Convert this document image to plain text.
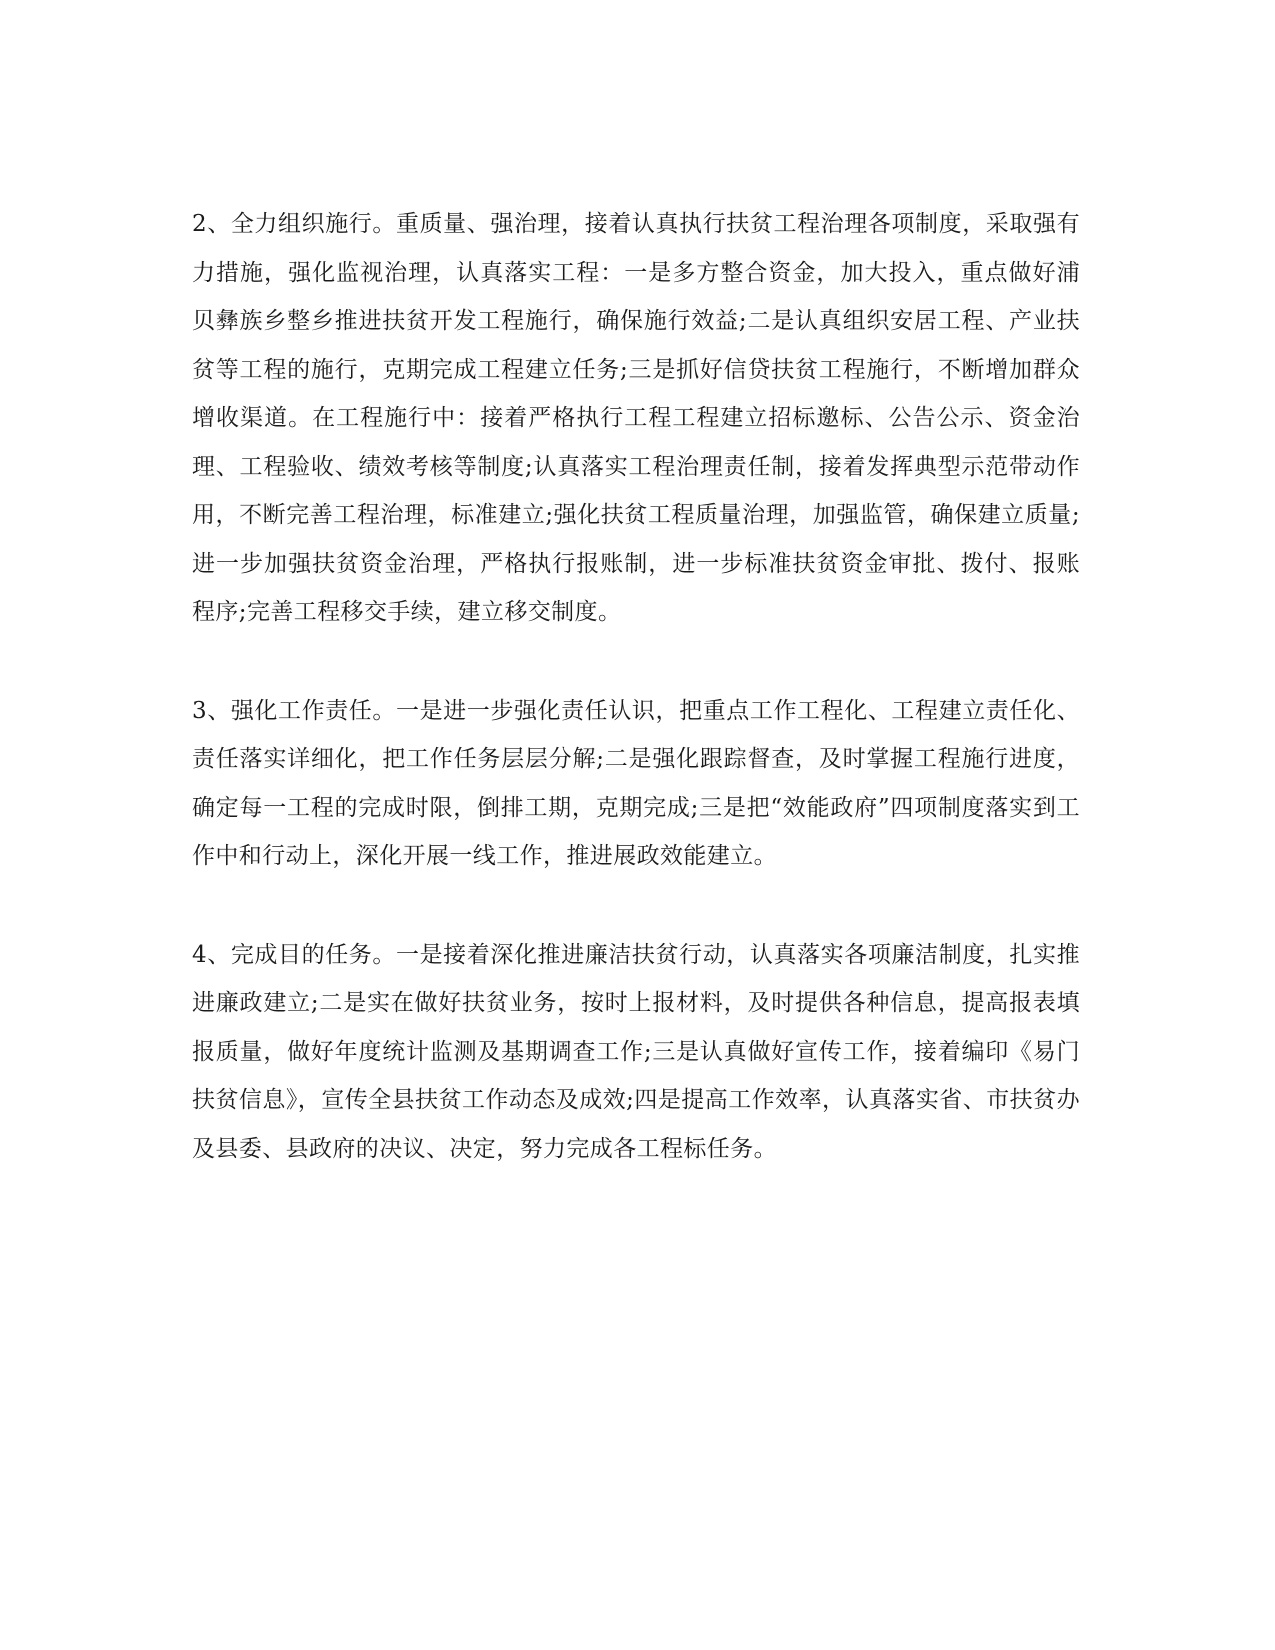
2、全力组织施行。重质量、强治理，接着认真执行扶贫工程治理各项制度，采取强有力措施，强化监视治理，认真落实工程：一是多方整合资金，加大投入，重点做好浦贝彝族乡整乡推进扶贫开发工程施行，确保施行效益;二是认真组织安居工程、产业扶贫等工程的施行，克期完成工程建立任务;三是抓好信贷扶贫工程施行，不断增加群众增收渠道。在工程施行中：接着严格执行工程工程建立招标邀标、公告公示、资金治理、工程验收、绩效考核等制度;认真落实工程治理责任制，接着发挥典型示范带动作用，不断完善工程治理，标准建立;强化扶贫工程质量治理，加强监管，确保建立质量;进一步加强扶贫资金治理，严格执行报账制，进一步标准扶贫资金审批、拨付、报账程序;完善工程移交手续，建立移交制度。

3、强化工作责任。一是进一步强化责任认识，把重点工作工程化、工程建立责任化、责任落实详细化，把工作任务层层分解;二是强化跟踪督查，及时掌握工程施行进度，确定每一工程的完成时限，倒排工期，克期完成;三是把“效能政府”四项制度落实到工作中和行动上，深化开展一线工作，推进展政效能建立。

4、完成目的任务。一是接着深化推进廉洁扶贫行动，认真落实各项廉洁制度，扎实推进廉政建立;二是实在做好扶贫业务，按时上报材料，及时提供各种信息，提高报表填报质量，做好年度统计监测及基期调查工作;三是认真做好宣传工作，接着编印《易门扶贫信息》，宣传全县扶贫工作动态及成效;四是提高工作效率，认真落实省、市扶贫办及县委、县政府的决议、决定，努力完成各工程标任务。
